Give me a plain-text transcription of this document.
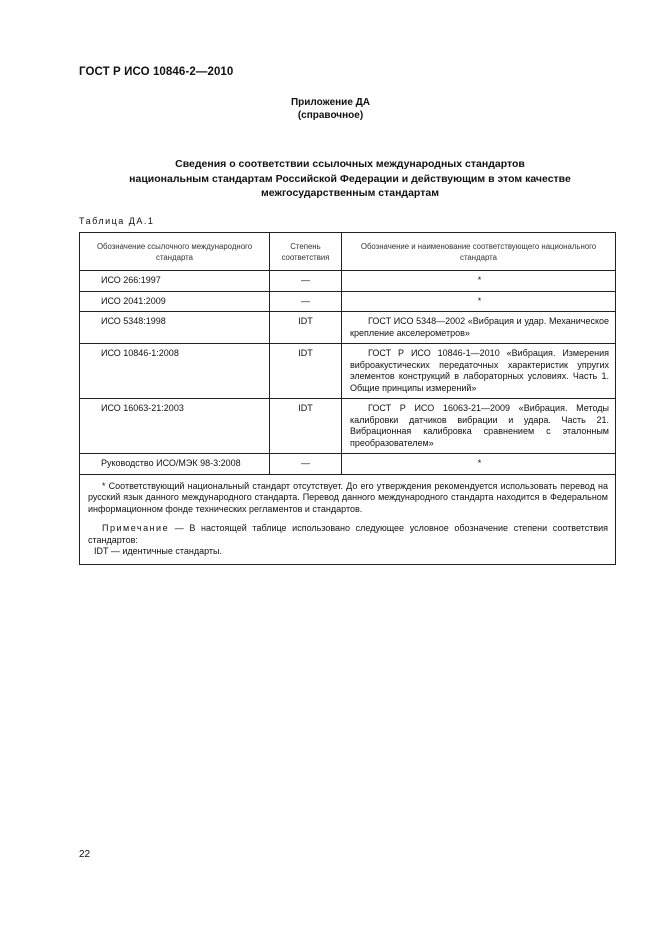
ГОСТ Р ИСО 10846-2—2010
Приложение ДА
(справочное)
Сведения о соответствии ссылочных международных стандартов
национальным стандартам Российской Федерации и действующим в этом качестве
межгосударственным стандартам
Таблица ДА.1
Обозначение ссылочного международного стандарта	Степень соответствия	Обозначение и наименование соответствующего национального стандарта
ИСО 266:1997	—	*
ИСО 2041:2009	—	*
ИСО 5348:1998	IDT	ГОСТ ИСО 5348—2002 «Вибрация и удар. Механическое крепление акселерометров»
ИСО 10846-1:2008	IDT	ГОСТ Р ИСО 10846-1—2010 «Вибрация. Измерения виброакустических передаточных характеристик упругих элементов конструкций в лабораторных условиях. Часть 1. Общие принципы измерений»
ИСО 16063-21:2003	IDT	ГОСТ Р ИСО 16063-21—2009 «Вибрация. Методы калибровки датчиков вибрации и удара. Часть 21. Вибрационная калибровка сравнением с эталонным преобразователем»
Руководство ИСО/МЭК 98-3:2008	—	*

* Соответствующий национальный стандарт отсутствует. До его утверждения рекомендуется использовать перевод на русский язык данного международного стандарта. Перевод данного международного стандарта находится в Федеральном информационном фонде технических регламентов и стандартов.

Примечание — В настоящей таблице использовано следующее условное обозначение степени соответствия стандартов:

IDT — идентичные стандарты.		

22
